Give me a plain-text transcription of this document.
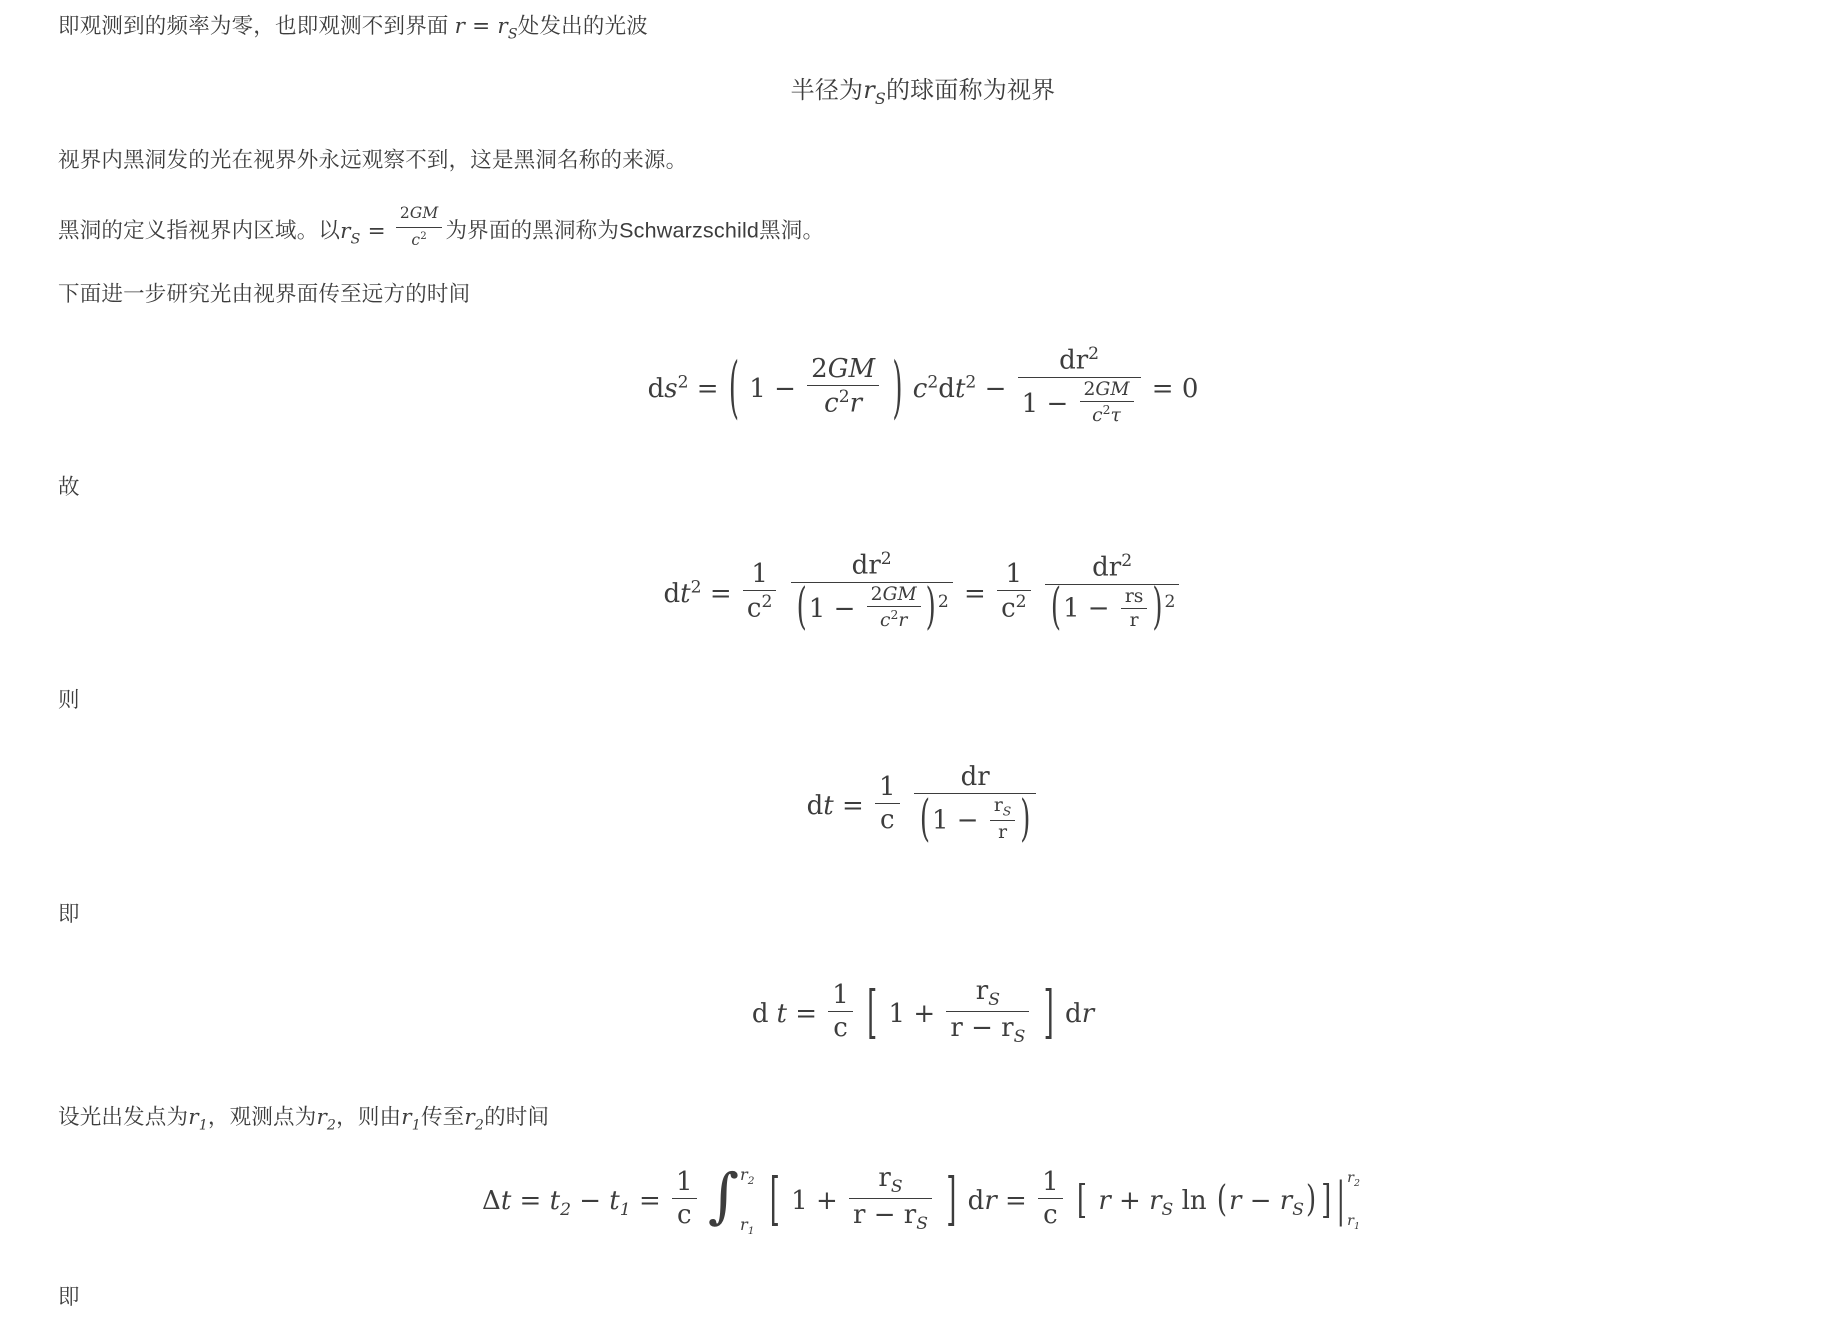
即观测到的频率为零，也即观测不到界面 $r = r_S$处发出的光波
半径为$r_S$的球面称为视界
视界内黑洞发的光在视界外永远观察不到，这是黑洞名称的来源。
黑洞的定义指视界内区域。以$r_S = \frac{2GM}{c^2}$ 为界面的黑洞称为Schwarzschild黑洞。
下面进一步研究光由视界面传至远方的时间
$ds^2$ = ( $1 - \frac{2GM}{c^2r}$ ) $c^2dt^2 - \frac{dr^2}{1 - \frac{2GM}{c^2\tau}} = 0$
故
$dt^2 = \frac{1}{c^2}$
$\frac{dr^2}{(1 - \frac{2GM}{c^2r} ) ^2} = \frac{1}{c^2}$
$\frac{dr^2}{(1 - \frac{rs}{r} ) ^2}$
则
dt = $\frac{1}{c}$
$\frac{dr}{(1 - \frac{r_S}{r} )}$
即
d $t = \frac{1}{c}$ [ $1 + \frac{r_S}{r - r_S}$ ] dr
设光出发点为$r_1$，观测点为$r_2$，则由$r_1$传至$r_2$的时间
$\Delta t = t_2 - t_1 = \frac{1}{c}$ ∫ $r_2$
$r_1$ [ $1 + \frac{r_S}{r - r_S}$ ] dr = $\frac{1}{c}$ [ $r + r_S$ $\ln (r - r_S)$ ] | $r_2$
$r_1$
即
